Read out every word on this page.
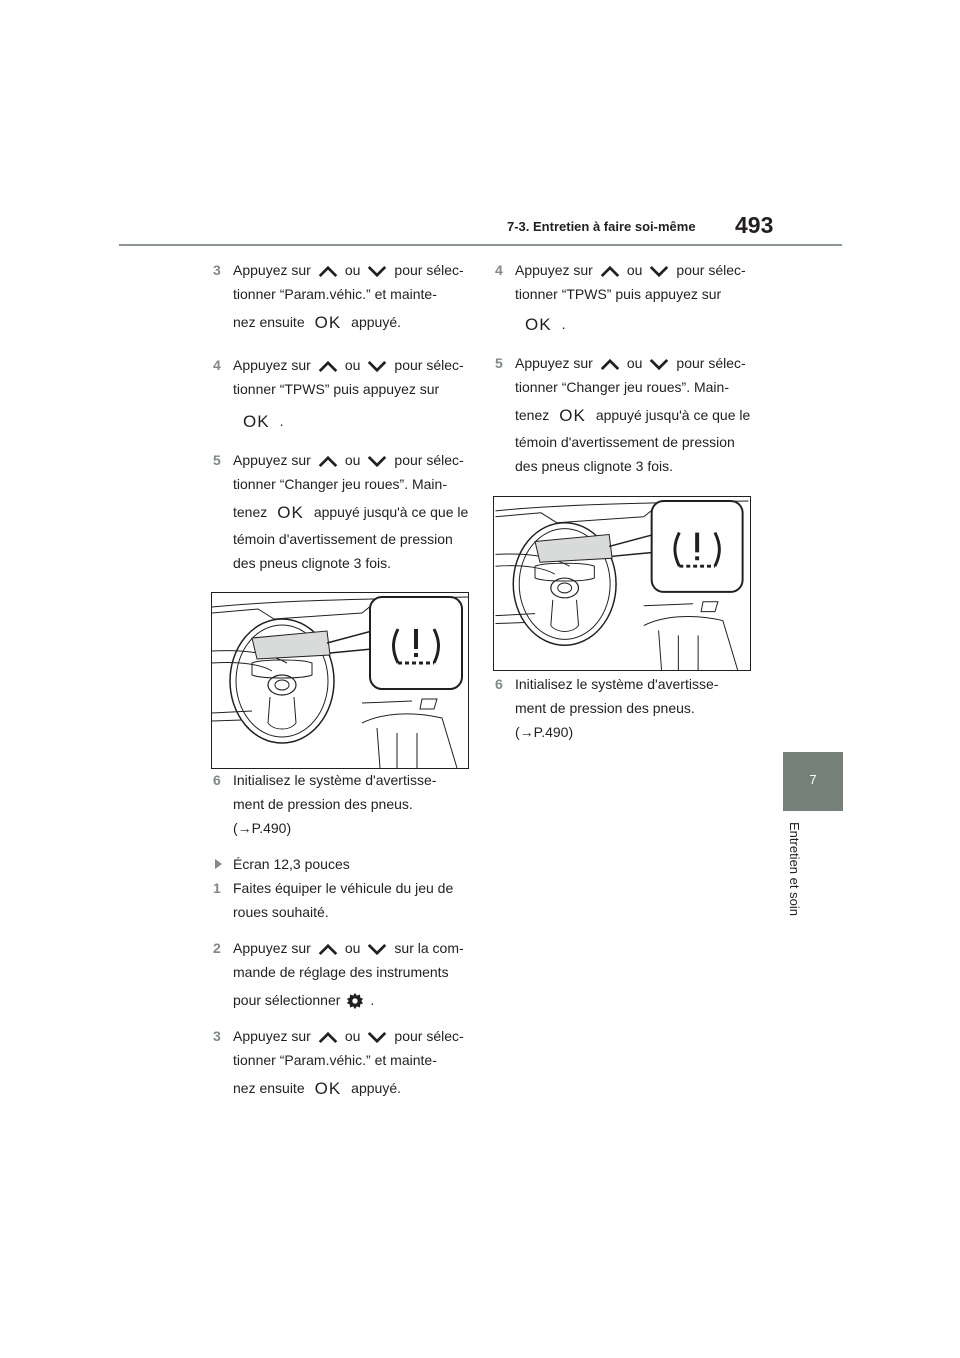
7-3. Entretien à faire soi-même 493
7
Entretien et soin
3 Appuyez sur ou pour sélec-
tionner “Param.véhic.” et mainte-
nez ensuite OK appuyé.
4 Appuyez sur ou pour sélec-
tionner “TPWS” puis appuyez sur
OK .
5 Appuyez sur ou pour sélec-
tionner “Changer jeu roues”. Main-
tenez OK appuyé jusqu'à ce que le
témoin d'avertissement de pression
des pneus clignote 3 fois.
6 Initialisez le système d'avertisse-
ment de pression des pneus.
(→P.490)
Écran 12,3 pouces
1 Faites équiper le véhicule du jeu de
roues souhaité.
2 Appuyez sur ou sur la com-
mande de réglage des instruments
pour sélectionner .
3 Appuyez sur ou pour sélec-
tionner “Param.véhic.” et mainte-
nez ensuite OK appuyé.
4 Appuyez sur ou pour sélec-
tionner “TPWS” puis appuyez sur
OK .
5 Appuyez sur ou pour sélec-
tionner “Changer jeu roues”. Main-
tenez OK appuyé jusqu'à ce que le
témoin d'avertissement de pression
des pneus clignote 3 fois.
6 Initialisez le système d'avertisse-
ment de pression des pneus.
(→P.490)
